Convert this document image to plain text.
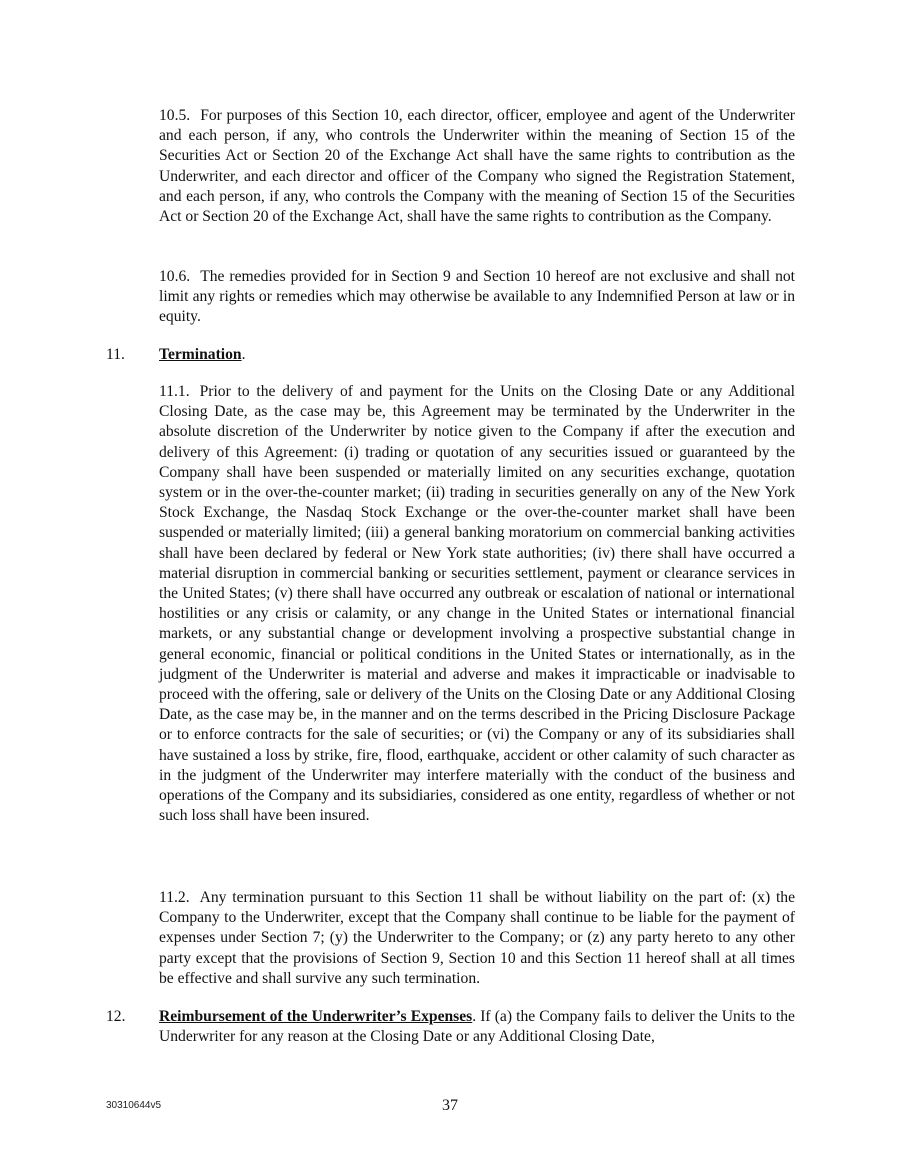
10.5. For purposes of this Section 10, each director, officer, employee and agent of the Underwriter and each person, if any, who controls the Underwriter within the meaning of Section 15 of the Securities Act or Section 20 of the Exchange Act shall have the same rights to contribution as the Underwriter, and each director and officer of the Company who signed the Registration Statement, and each person, if any, who controls the Company with the meaning of Section 15 of the Securities Act or Section 20 of the Exchange Act, shall have the same rights to contribution as the Company.

10.6. The remedies provided for in Section 9 and Section 10 hereof are not exclusive and shall not limit any rights or remedies which may otherwise be available to any Indemnified Person at law or in equity.

11. Termination.

11.1. Prior to the delivery of and payment for the Units on the Closing Date or any Additional Closing Date, as the case may be, this Agreement may be terminated by the Underwriter in the absolute discretion of the Underwriter by notice given to the Company if after the execution and delivery of this Agreement: (i) trading or quotation of any securities issued or guaranteed by the Company shall have been suspended or materially limited on any securities exchange, quotation system or in the over-the-counter market; (ii) trading in securities generally on any of the New York Stock Exchange, the Nasdaq Stock Exchange or the over-the-counter market shall have been suspended or materially limited; (iii) a general banking moratorium on commercial banking activities shall have been declared by federal or New York state authorities; (iv) there shall have occurred a material disruption in commercial banking or securities settlement, payment or clearance services in the United States; (v) there shall have occurred any outbreak or escalation of national or international hostilities or any crisis or calamity, or any change in the United States or international financial markets, or any substantial change or development involving a prospective substantial change in general economic, financial or political conditions in the United States or internationally, as in the judgment of the Underwriter is material and adverse and makes it impracticable or inadvisable to proceed with the offering, sale or delivery of the Units on the Closing Date or any Additional Closing Date, as the case may be, in the manner and on the terms described in the Pricing Disclosure Package or to enforce contracts for the sale of securities; or (vi) the Company or any of its subsidiaries shall have sustained a loss by strike, fire, flood, earthquake, accident or other calamity of such character as in the judgment of the Underwriter may interfere materially with the conduct of the business and operations of the Company and its subsidiaries, considered as one entity, regardless of whether or not such loss shall have been insured.

11.2. Any termination pursuant to this Section 11 shall be without liability on the part of: (x) the Company to the Underwriter, except that the Company shall continue to be liable for the payment of expenses under Section 7; (y) the Underwriter to the Company; or (z) any party hereto to any other party except that the provisions of Section 9, Section 10 and this Section 11 hereof shall at all times be effective and shall survive any such termination.

12. Reimbursement of the Underwriter’s Expenses. If (a) the Company fails to deliver the Units to the Underwriter for any reason at the Closing Date or any Additional Closing Date,

30310644v5	37
